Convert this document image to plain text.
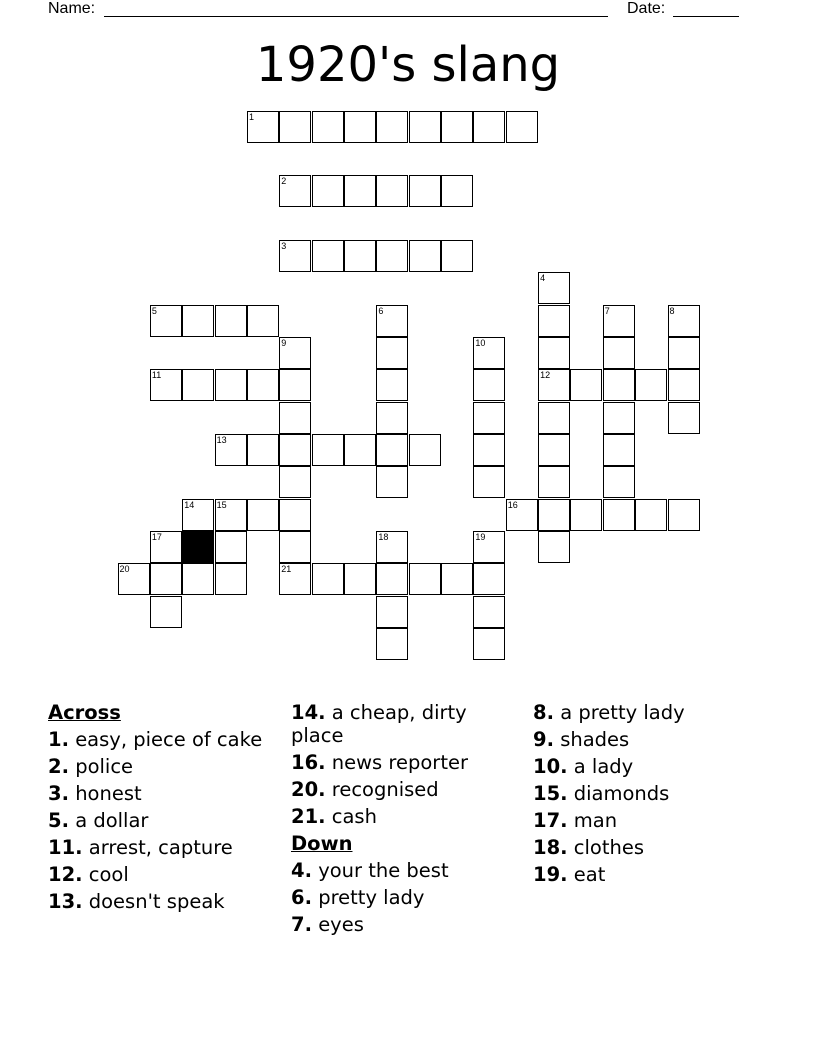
Name:	Date:
1920's slang
1
2
3
4
5	6	7	8
9	10
11	12
13
14 15	16
17	18	19
20	21
Across
1. easy, piece of cake
2. police
3. honest
5. a dollar
11. arrest, capture
12. cool
13. doesn't speak
14. a cheap, dirty place
16. news reporter
20. recognised
21. cash
Down
4. your the best
6. pretty lady
7. eyes
8. a pretty lady
9. shades
10. a lady
15. diamonds
17. man
18. clothes
19. eat
